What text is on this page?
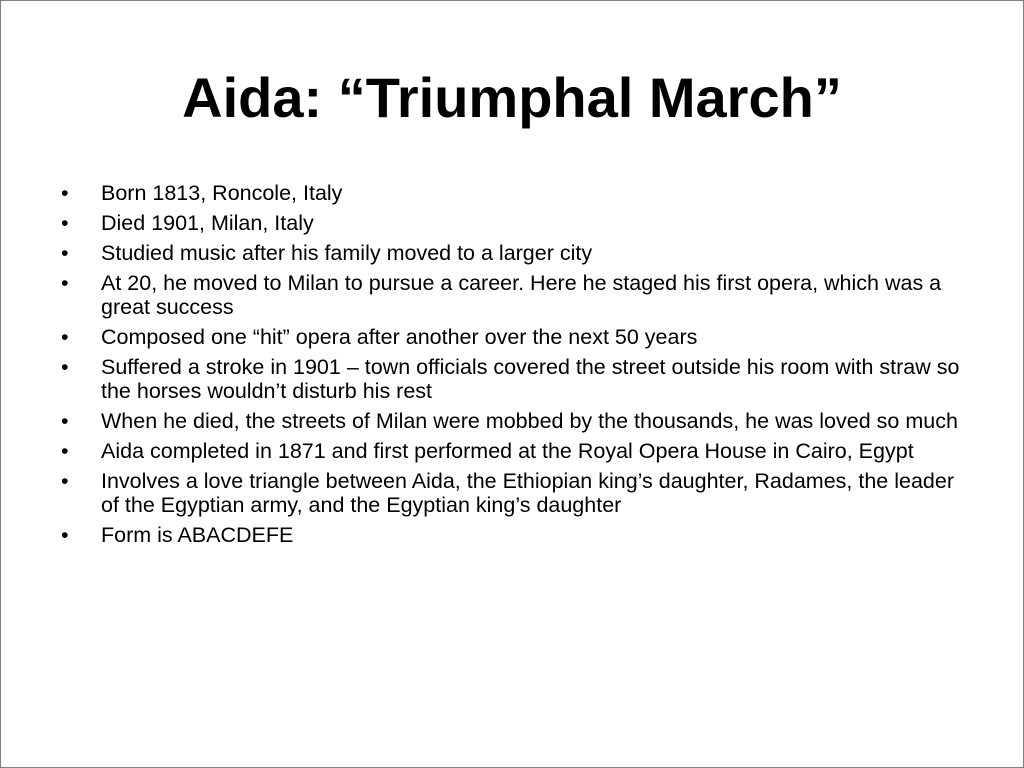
Aida: “Triumphal March”
• Born 1813, Roncole, Italy
• Died 1901, Milan, Italy
• Studied music after his family moved to a larger city
• At 20, he moved to Milan to pursue a career. Here he staged his first opera, which was a great success
• Composed one “hit” opera after another over the next 50 years
• Suffered a stroke in 1901 – town officials covered the street outside his room with straw so the horses wouldn’t disturb his rest
• When he died, the streets of Milan were mobbed by the thousands, he was loved so much
• Aida completed in 1871 and first performed at the Royal Opera House in Cairo, Egypt
• Involves a love triangle between Aida, the Ethiopian king’s daughter, Radames, the leader of the Egyptian army, and the Egyptian king’s daughter
• Form is ABACDEFE
